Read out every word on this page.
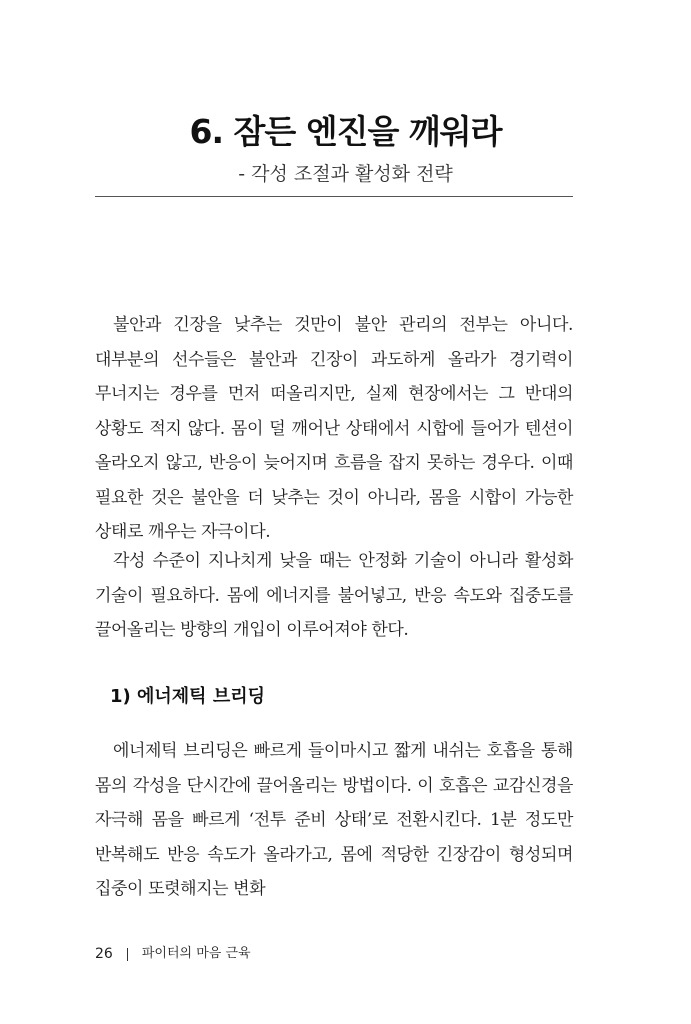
6. 잠든 엔진을 깨워라

- 각성 조절과 활성화 전략

불안과 긴장을 낮추는 것만이 불안 관리의 전부는 아니다. 대부분의 선수들은 불안과 긴장이 과도하게 올라가 경기력이 무너지는 경우를 먼저 떠올리지만, 실제 현장에서는 그 반대의 상황도 적지 않다. 몸이 덜 깨어난 상태에서 시합에 들어가 텐션이 올라오지 않고, 반응이 늦어지며 흐름을 잡지 못하는 경우다. 이때 필요한 것은 불안을 더 낮추는 것이 아니라, 몸을 시합이 가능한 상태로 깨우는 자극이다.

각성 수준이 지나치게 낮을 때는 안정화 기술이 아니라 활성화 기술이 필요하다. 몸에 에너지를 불어넣고, 반응 속도와 집중도를 끌어올리는 방향의 개입이 이루어져야 한다.

1) 에너제틱 브리딩

에너제틱 브리딩은 빠르게 들이마시고 짧게 내쉬는 호흡을 통해 몸의 각성을 단시간에 끌어올리는 방법이다. 이 호흡은 교감신경을 자극해 몸을 빠르게 ‘전투 준비 상태’로 전환시킨다. 1분 정도만 반복해도 반응 속도가 올라가고, 몸에 적당한 긴장감이 형성되며 집중이 또렷해지는 변화

26 파이터의 마음 근육
